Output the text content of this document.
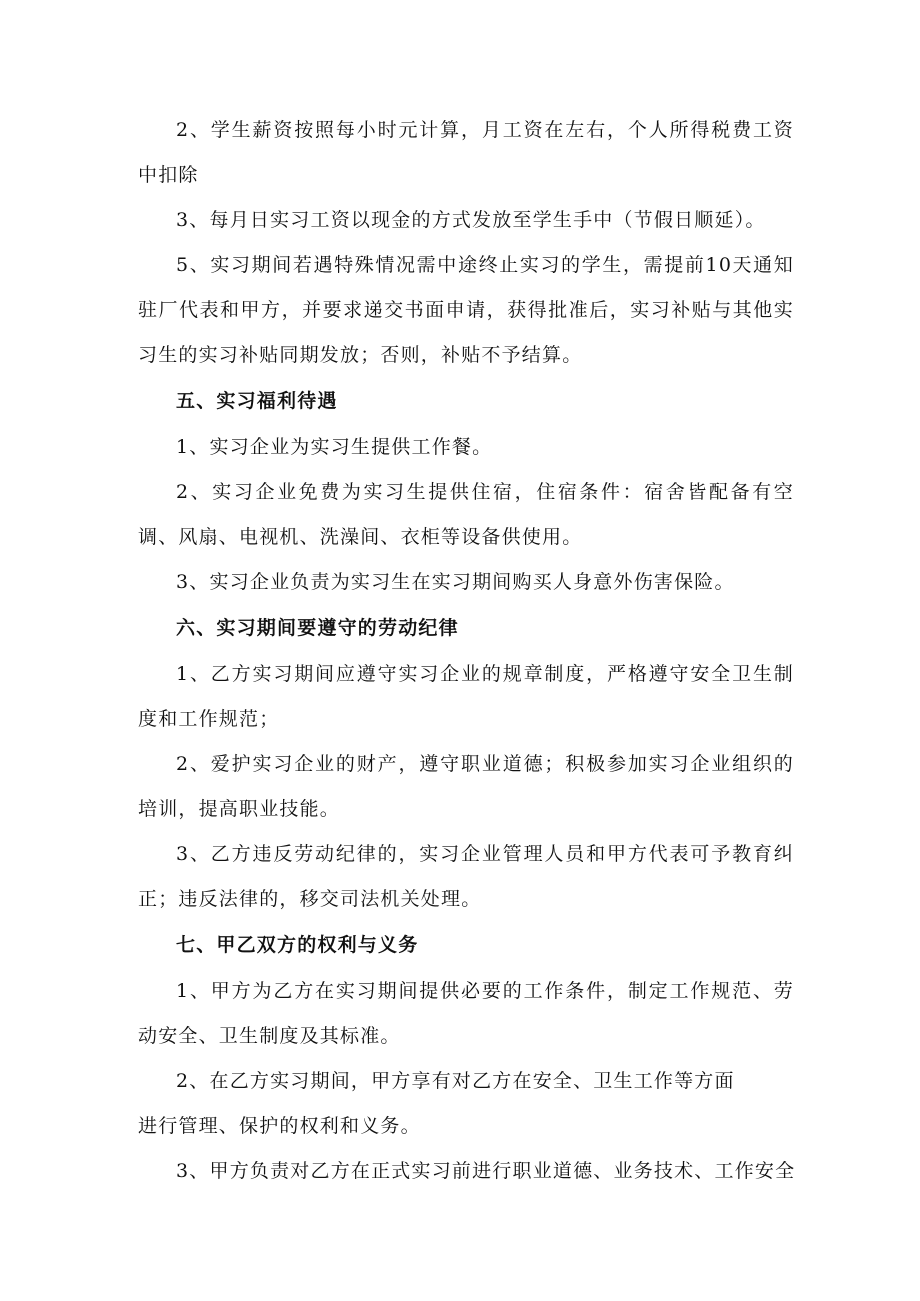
2、学生薪资按照每小时元计算，月工资在左右，个人所得税费工资中扣除

3、每月日实习工资以现金的方式发放至学生手中（节假日顺延）。

5、实习期间若遇特殊情况需中途终止实习的学生，需提前10天通知驻厂代表和甲方，并要求递交书面申请，获得批准后，实习补贴与其他实习生的实习补贴同期发放；否则，补贴不予结算。

五、实习福利待遇

1、实习企业为实习生提供工作餐。

2、实习企业免费为实习生提供住宿，住宿条件：宿舍皆配备有空调、风扇、电视机、洗澡间、衣柜等设备供使用。

3、实习企业负责为实习生在实习期间购买人身意外伤害保险。

六、实习期间要遵守的劳动纪律

1、乙方实习期间应遵守实习企业的规章制度，严格遵守安全卫生制度和工作规范；

2、爱护实习企业的财产，遵守职业道德；积极参加实习企业组织的培训，提高职业技能。

3、乙方违反劳动纪律的，实习企业管理人员和甲方代表可予教育纠正；违反法律的，移交司法机关处理。

七、甲乙双方的权利与义务

1、甲方为乙方在实习期间提供必要的工作条件，制定工作规范、劳动安全、卫生制度及其标准。

2、在乙方实习期间，甲方享有对乙方在安全、卫生工作等方面
进行管理、保护的权利和义务。

3、甲方负责对乙方在正式实习前进行职业道德、业务技术、工作安全
